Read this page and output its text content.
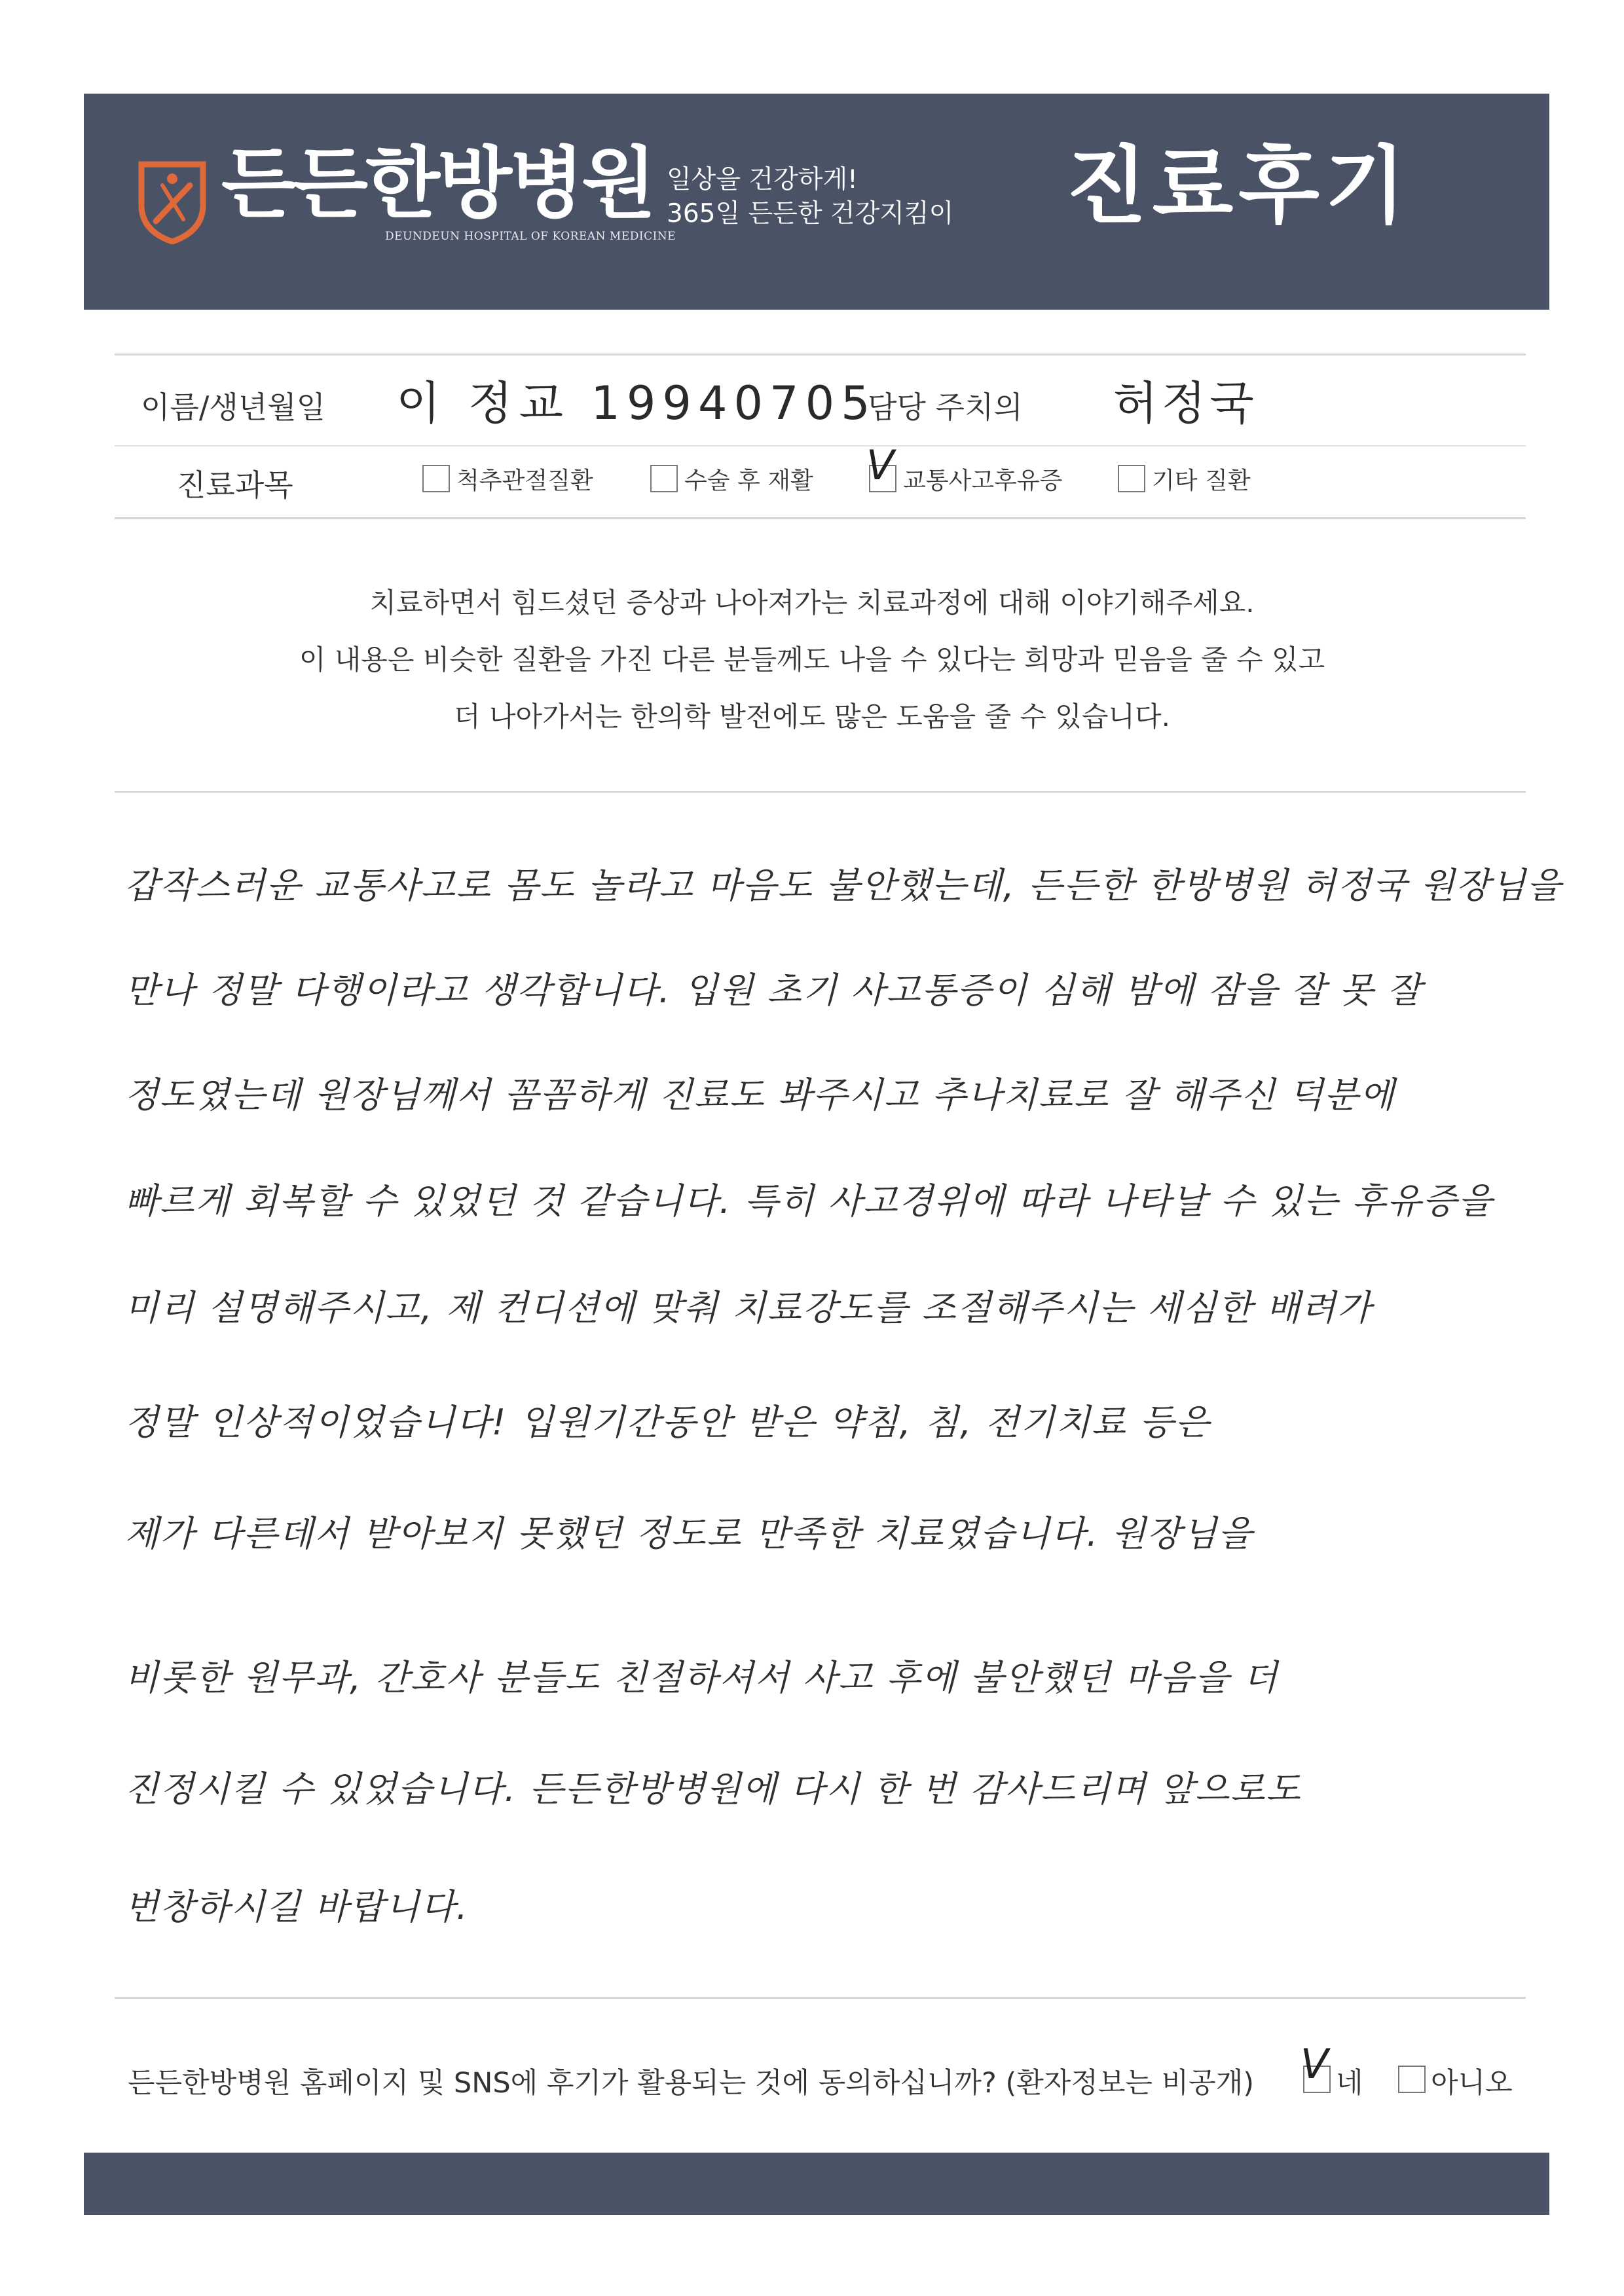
든든한방병원
DEUNDEUN HOSPITAL OF KOREAN MEDICINE
일상을 건강하게!
365일 든든한 건강지킴이 진료후기
이름/생년월일 이 정교 19940705
담당 주치의 허정국
진료과목	척추관절질환	수술 후 재활 V 교통사고후유증	기타 질환
치료하면서 힘드셨던 증상과 나아져가는 치료과정에 대해 이야기해주세요.
이 내용은 비슷한 질환을 가진 다른 분들께도 나을 수 있다는 희망과 믿음을 줄 수 있고
더 나아가서는 한의학 발전에도 많은 도움을 줄 수 있습니다.
갑작스러운 교통사고로 몸도 놀라고 마음도 불안했는데, 든든한 한방병원 허정국 원장님을
만나 정말 다행이라고 생각합니다. 입원 초기 사고통증이 심해 밤에 잠을 잘 못 잘
정도였는데 원장님께서 꼼꼼하게 진료도 봐주시고 추나치료로 잘 해주신 덕분에
빠르게 회복할 수 있었던 것 같습니다. 특히 사고경위에 따라 나타날 수 있는 후유증을
미리 설명해주시고, 제 컨디션에 맞춰 치료강도를 조절해주시는 세심한 배려가
정말 인상적이었습니다! 입원기간동안 받은 약침, 침, 전기치료 등은
제가 다른데서 받아보지 못했던 정도로 만족한 치료였습니다. 원장님을
비롯한 원무과, 간호사 분들도 친절하셔서 사고 후에 불안했던 마음을 더
진정시킬 수 있었습니다. 든든한방병원에 다시 한 번 감사드리며 앞으로도
번창하시길 바랍니다.
든든한방병원 홈페이지 및 SNS에 후기가 활용되는 것에 동의하십니까? (환자정보는 비공개) V 네 아니오
